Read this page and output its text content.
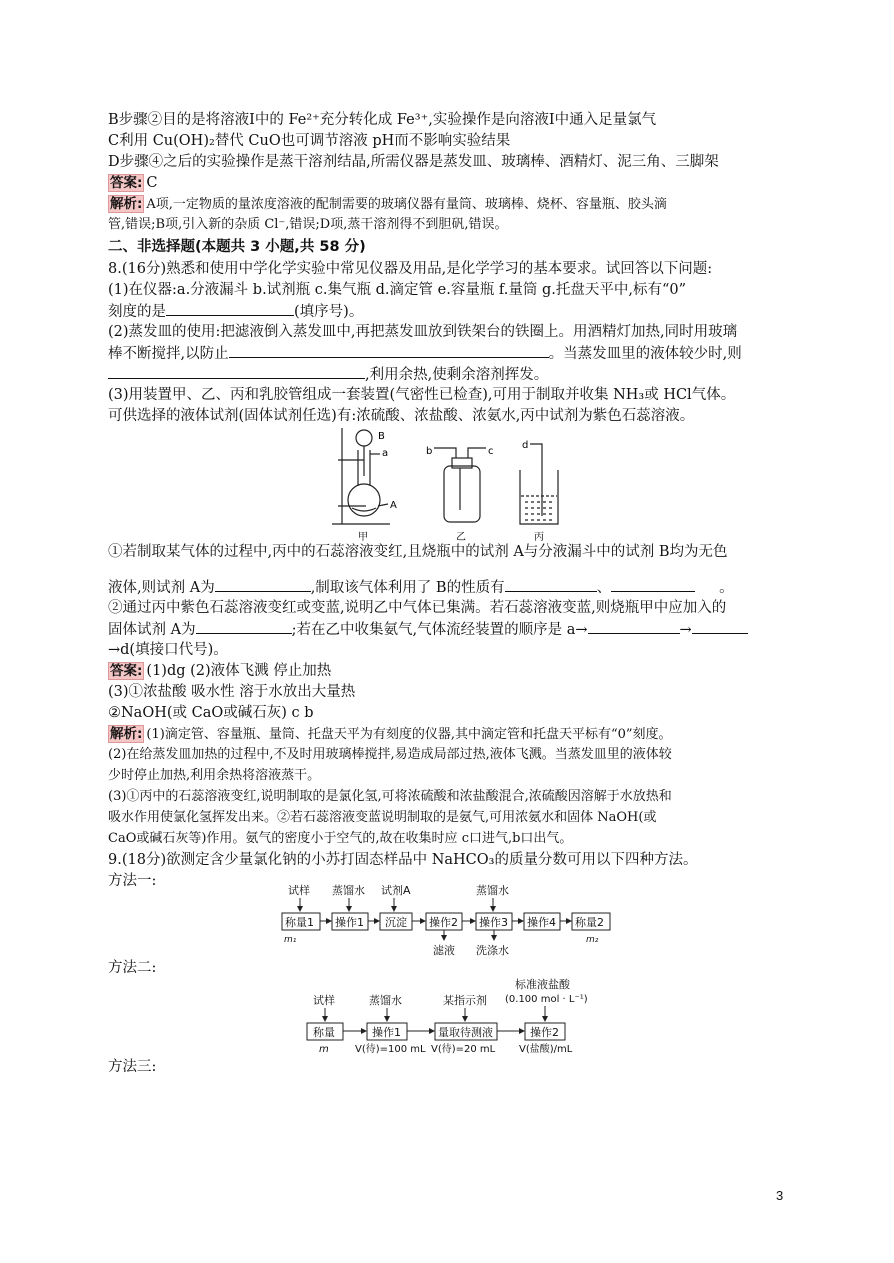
B步骤②目的是将溶液Ⅰ中的 Fe²⁺充分转化成 Fe³⁺,实验操作是向溶液Ⅰ中通入足量氯气
C利用 Cu(OH)₂替代 CuO也可调节溶液 pH而不影响实验结果
D步骤④之后的实验操作是蒸干溶剂结晶,所需仪器是蒸发皿、玻璃棒、酒精灯、泥三角、三脚架
答案: C
解析: A项,一定物质的量浓度溶液的配制需要的玻璃仪器有量筒、玻璃棒、烧杯、容量瓶、胶头滴
管,错误;B项,引入新的杂质 Cl⁻,错误;D项,蒸干溶剂得不到胆矾,错误。
二、非选择题(本题共 3 小题,共 58 分)
8.(16分)熟悉和使用中学化学实验中常见仪器及用品,是化学学习的基本要求。试回答以下问题:
(1)在仪器:a.分液漏斗 b.试剂瓶 c.集气瓶 d.滴定管 e.容量瓶 f.量筒 g.托盘天平中,标有“0”
刻度的是	(填序号)。
(2)蒸发皿的使用:把滤液倒入蒸发皿中,再把蒸发皿放到铁架台的铁圈上。用酒精灯加热,同时用玻璃
棒不断搅拌,以防止	。当蒸发皿里的液体较少时,则
,利用余热,使剩余溶剂挥发。
(3)用装置甲、乙、丙和乳胶管组成一套装置(气密性已检查),可用于制取并收集 NH₃或 HCl气体。
可供选择的液体试剂(固体试剂任选)有:浓硫酸、浓盐酸、浓氨水,丙中试剂为紫色石蕊溶液。
B
a
A
甲
b	c
乙
d
丙
①若制取某气体的过程中,丙中的石蕊溶液变红,且烧瓶中的试剂 A与分液漏斗中的试剂 B均为无色
液体,则试剂 A为	,制取该气体利用了 B的性质有	、	。
②通过丙中紫色石蕊溶液变红或变蓝,说明乙中气体已集满。若石蕊溶液变蓝,则烧瓶甲中应加入的
固体试剂 A为	;若在乙中收集氨气,气体流经装置的顺序是 a→	→
→d(填接口代号)。
答案: (1)dg (2)液体飞溅 停止加热
(3)①浓盐酸 吸水性 溶于水放出大量热
②NaOH(或 CaO或碱石灰) c b
解析: (1)滴定管、容量瓶、量筒、托盘天平为有刻度的仪器,其中滴定管和托盘天平标有“0”刻度。
(2)在给蒸发皿加热的过程中,不及时用玻璃棒搅拌,易造成局部过热,液体飞溅。当蒸发皿里的液体较
少时停止加热,利用余热将溶液蒸干。
(3)①丙中的石蕊溶液变红,说明制取的是氯化氢,可将浓硫酸和浓盐酸混合,浓硫酸因溶解于水放热和
吸水作用使氯化氢挥发出来。②若石蕊溶液变蓝说明制取的是氨气,可用浓氨水和固体 NaOH(或
CaO或碱石灰等)作用。氨气的密度小于空气的,故在收集时应 c口进气,b口出气。
9.(18分)欲测定含少量氯化钠的小苏打固态样品中 NaHCO₃的质量分数可用以下四种方法。
方法一:
试样 蒸馏水 试剂A	蒸馏水
称量1 操作1 沉淀 操作2 操作3 操作4 称量2
m₁	m₂
滤液 洗涤水
方法二:
试样	蒸馏水	某指示剂
标准液盐酸
(0.100 mol · L⁻¹)
称量	操作1	量取待测液	操作2
m	V(待)=100 mL V(待)=20 mL V(盐酸)/mL
方法三:
3
